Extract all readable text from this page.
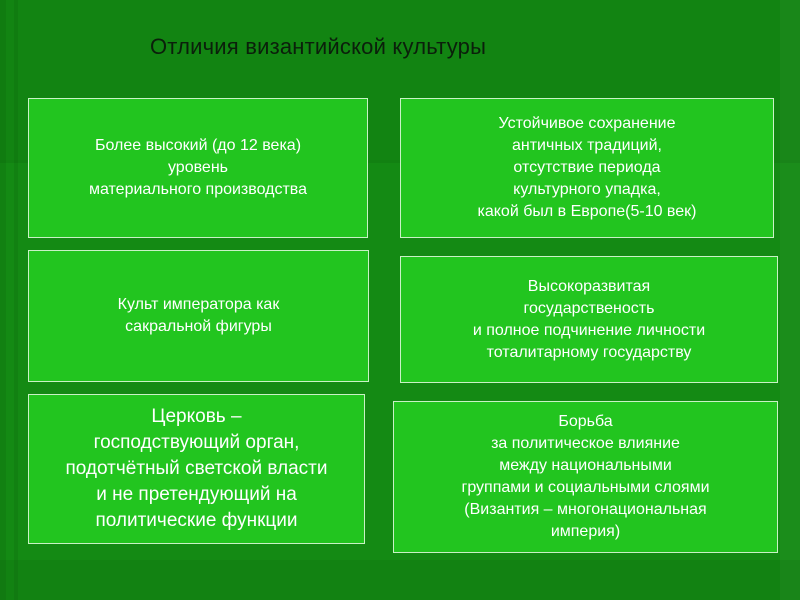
Отличия византийской культуры
Более высокий (до 12 века)
уровень
материального производства
Устойчивое сохранение
античных традиций,
отсутствие периода
культурного упадка,
какой был в Европе(5-10 век)
Культ императора как
сакральной фигуры
Высокоразвитая
государственость
и полное подчинение личности
тоталитарному государству
Церковь –
господствующий орган,
подотчётный светской власти
и не претендующий на
политические функции
Борьба
за политическое влияние
между национальными
группами и социальными слоями
(Византия – многонациональная
империя)
